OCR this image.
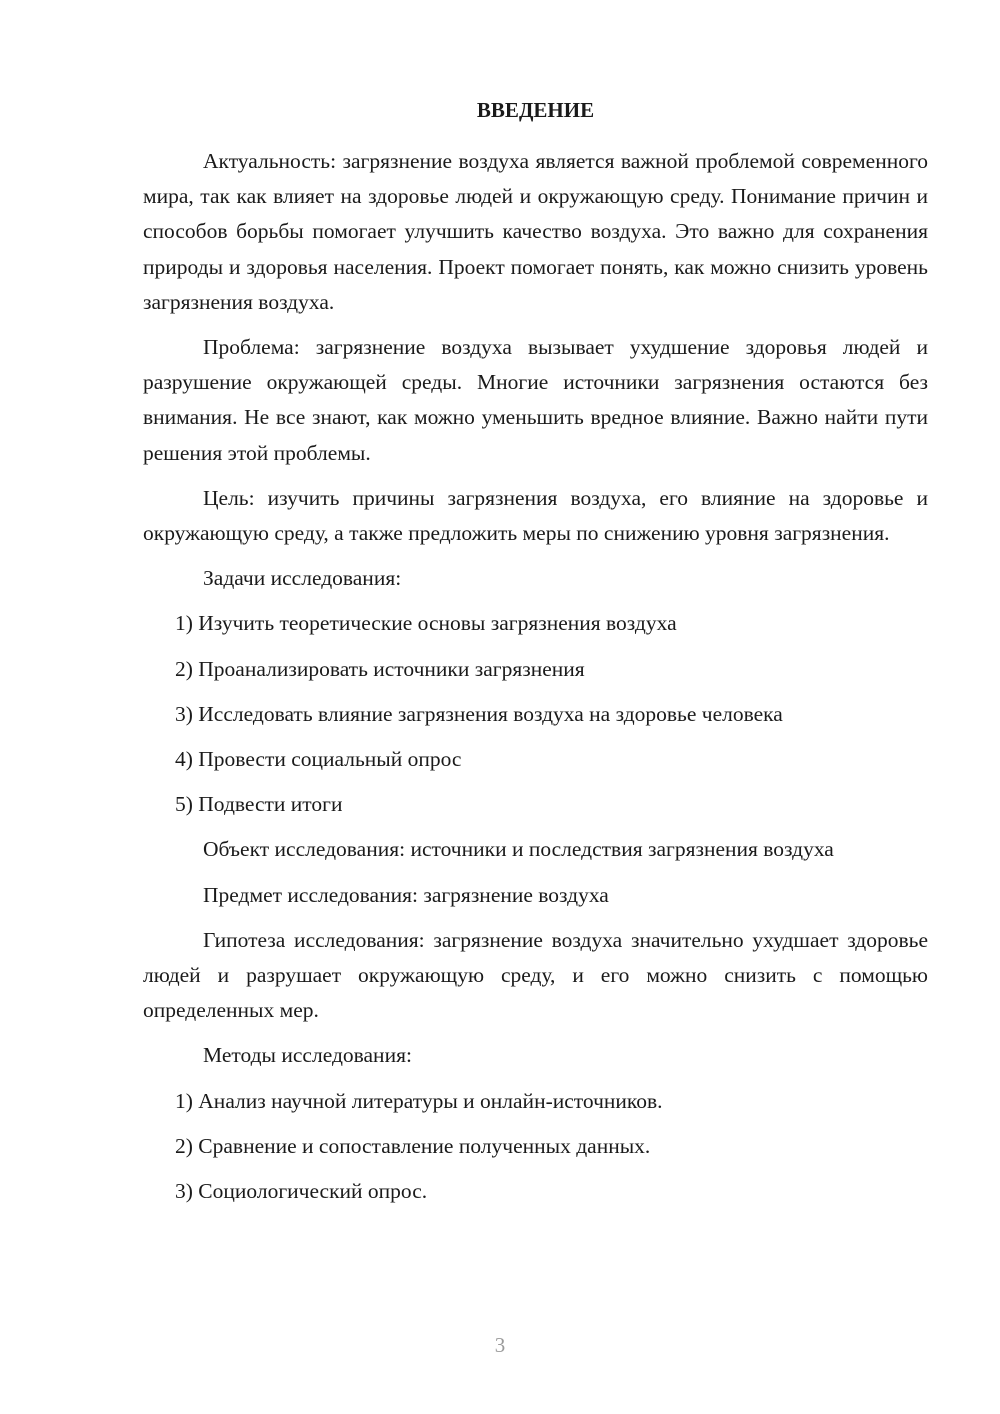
ВВЕДЕНИЕ

Актуальность: загрязнение воздуха является важной проблемой современного мира, так как влияет на здоровье людей и окружающую среду. Понимание причин и способов борьбы помогает улучшить качество воздуха. Это важно для сохранения природы и здоровья населения. Проект помогает понять, как можно снизить уровень загрязнения воздуха.

Проблема: загрязнение воздуха вызывает ухудшение здоровья людей и разрушение окружающей среды. Многие источники загрязнения остаются без внимания. Не все знают, как можно уменьшить вредное влияние. Важно найти пути решения этой проблемы.

Цель: изучить причины загрязнения воздуха, его влияние на здоровье и окружающую среду, а также предложить меры по снижению уровня загрязнения.

Задачи исследования:
1) Изучить теоретические основы загрязнения воздуха
2) Проанализировать источники загрязнения
3) Исследовать влияние загрязнения воздуха на здоровье человека
4) Провести социальный опрос
5) Подвести итоги

Объект исследования: источники и последствия загрязнения воздуха

Предмет исследования: загрязнение воздуха

Гипотеза исследования: загрязнение воздуха значительно ухудшает здоровье людей и разрушает окружающую среду, и его можно снизить с помощью определенных мер.

Методы исследования:
1) Анализ научной литературы и онлайн-источников.
2) Сравнение и сопоставление полученных данных.
3) Социологический опрос.
3
